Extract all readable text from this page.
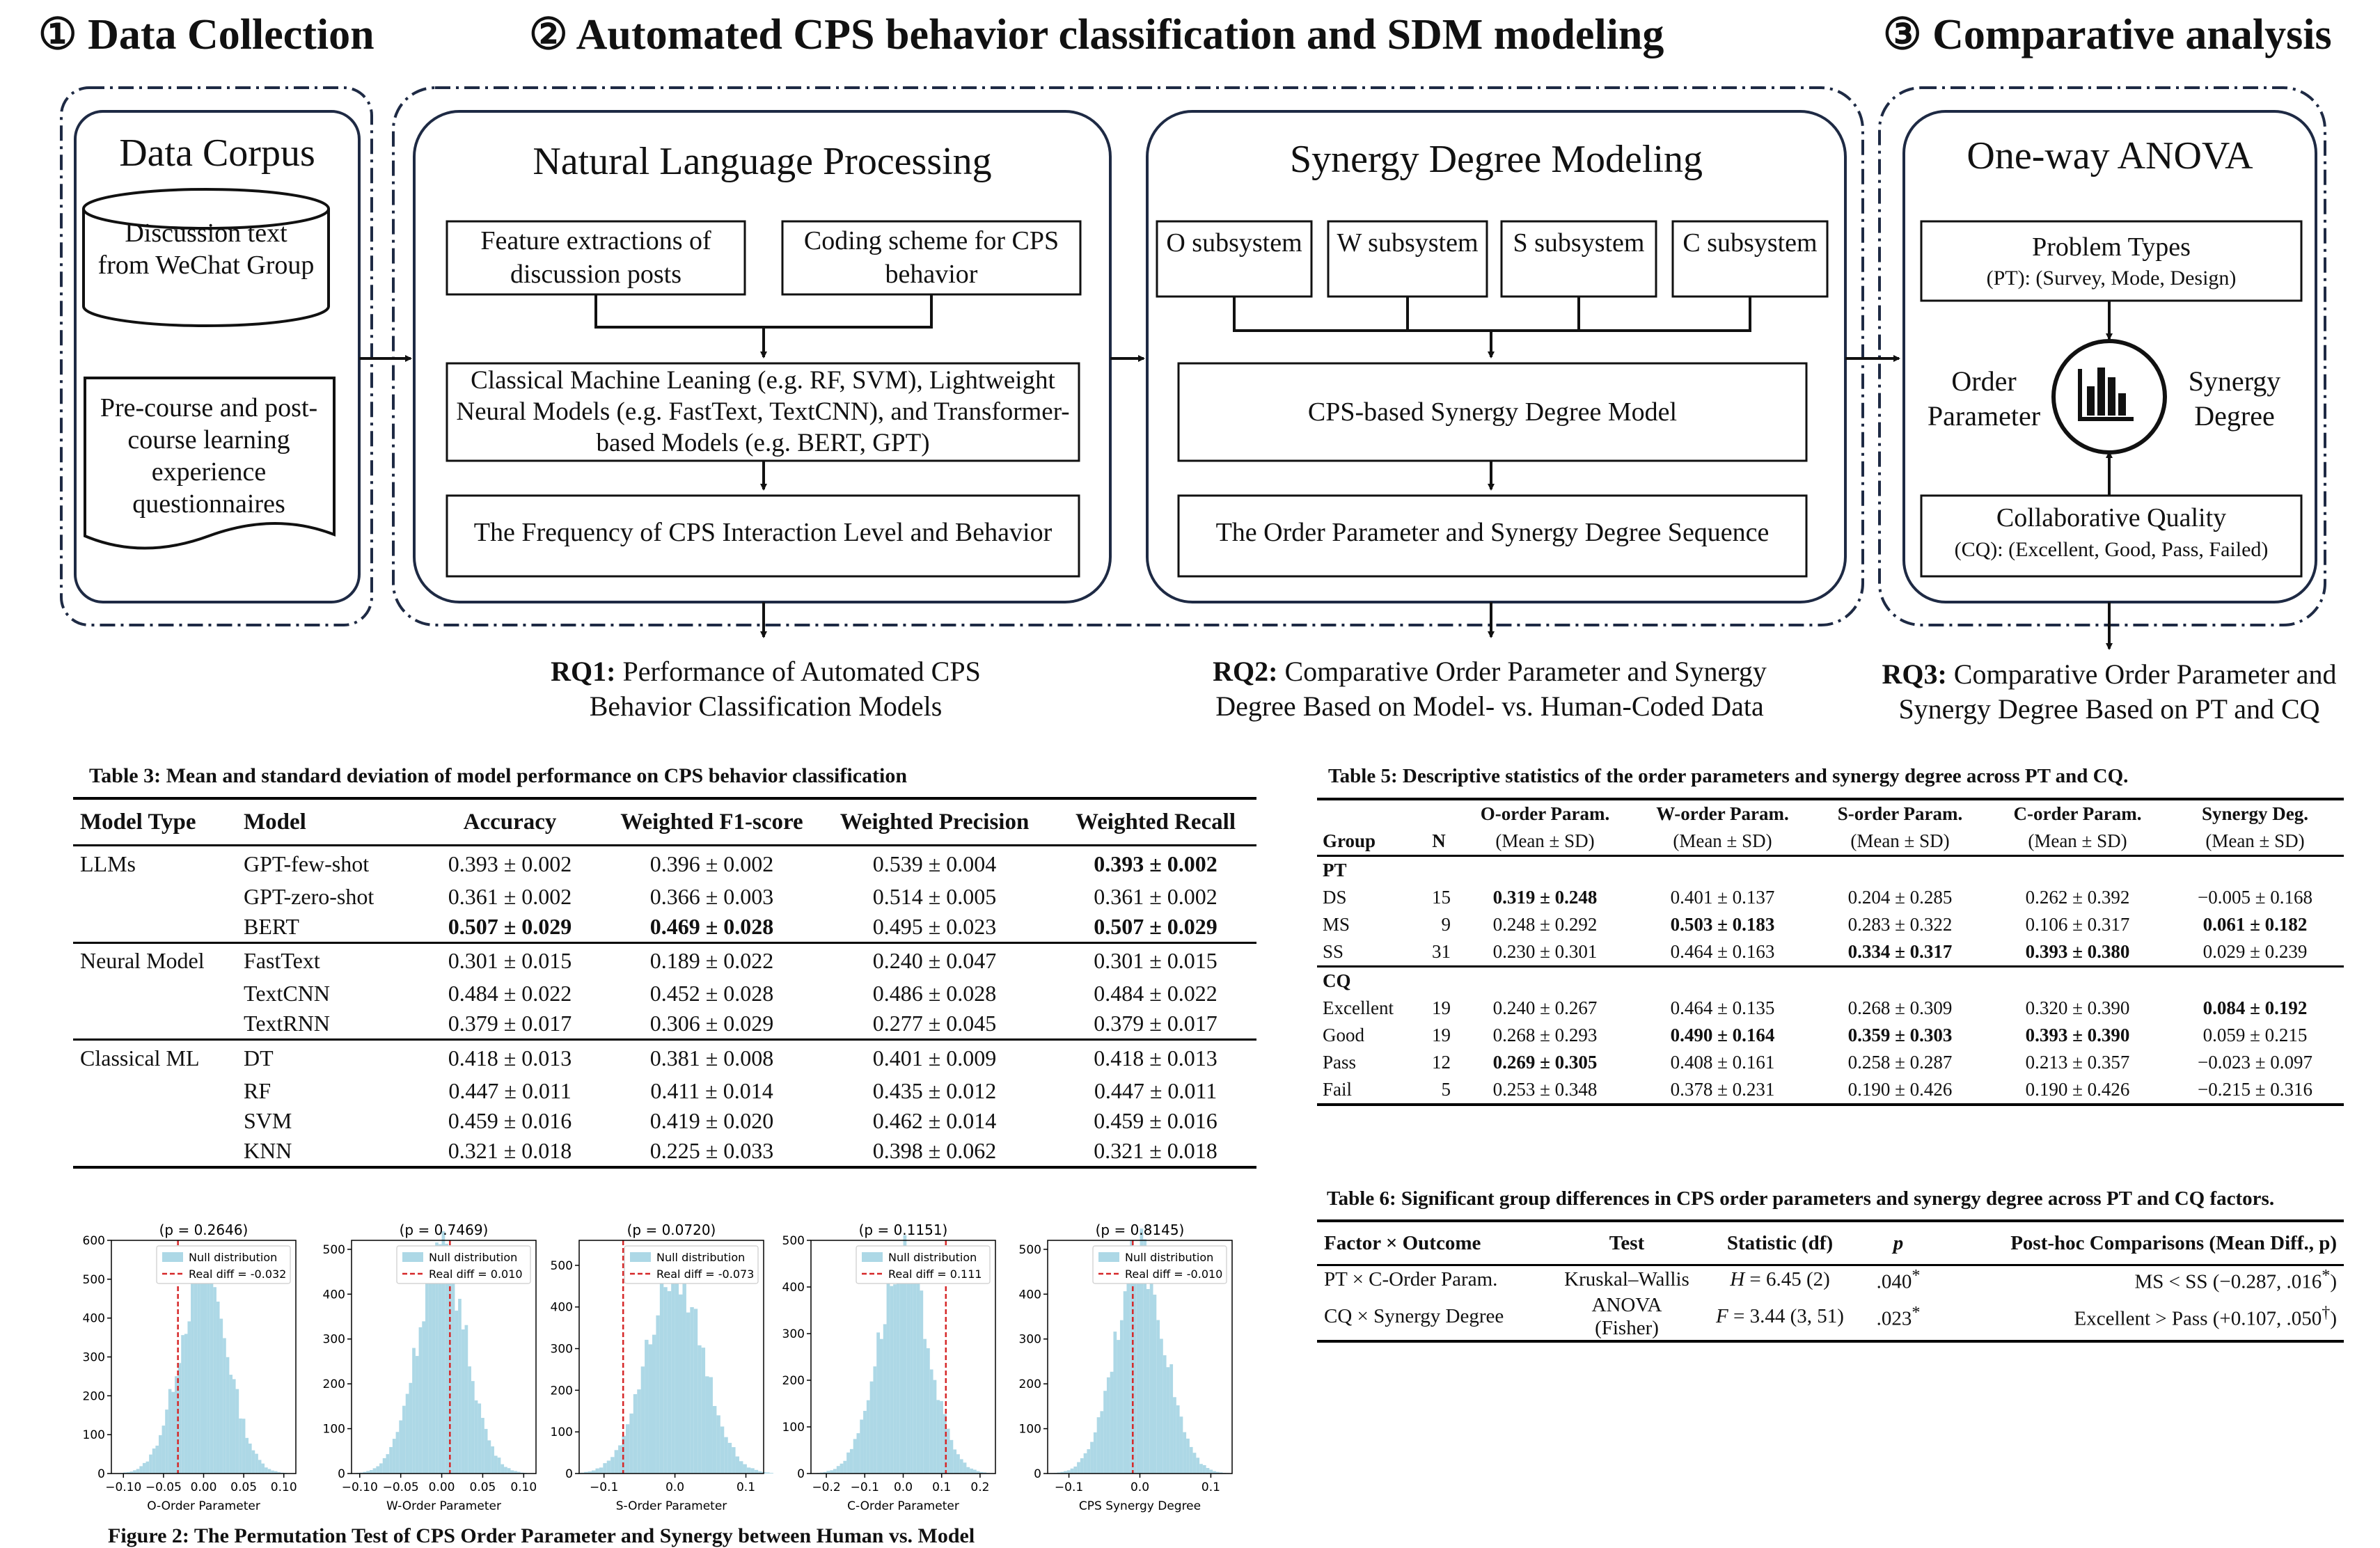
① Data Collection	② Automated CPS behavior classification and SDM modeling	③ Comparative analysis
Data Corpus
Discussion text from WeChat Group
Pre-course and post-course learning experience questionnaires
Natural Language Processing
Feature extractions of discussion posts
Coding scheme for CPS behavior
Classical Machine Leaning (e.g. RF, SVM), Lightweight Neural Models (e.g. FastText, TextCNN), and Transformer-based Models (e.g. BERT, GPT)
The Frequency of CPS Interaction Level and Behavior
Synergy Degree Modeling
O subsystem W subsystem	S subsystem	C subsystem
CPS-based Synergy Degree Model
The Order Parameter and Synergy Degree Sequence
One-way ANOVA
Problem Types
(PT): (Survey, Mode, Design)
Order Parameter
Synergy Degree
Collaborative Quality
(CQ): (Excellent, Good, Pass, Failed)
RQ1: Performance of Automated CPS Behavior Classification Models
RQ2: Comparative Order Parameter and Synergy Degree Based on Model- vs. Human-Coded Data
RQ3: Comparative Order Parameter and Synergy Degree Based on PT and CQ
Table 3: Mean and standard deviation of model performance on CPS behavior classification
Model Type	Model	Accuracy	Weighted F1-score	Weighted Precision	Weighted Recall
LLMs	GPT-few-shot	0.393 ± 0.002	0.396 ± 0.002	0.539 ± 0.004	0.393 ± 0.002
	GPT-zero-shot	0.361 ± 0.002	0.366 ± 0.003	0.514 ± 0.005	0.361 ± 0.002
	BERT	0.507 ± 0.029	0.469 ± 0.028	0.495 ± 0.023	0.507 ± 0.029
Neural Model	FastText	0.301 ± 0.015	0.189 ± 0.022	0.240 ± 0.047	0.301 ± 0.015
	TextCNN	0.484 ± 0.022	0.452 ± 0.028	0.486 ± 0.028	0.484 ± 0.022
	TextRNN	0.379 ± 0.017	0.306 ± 0.029	0.277 ± 0.045	0.379 ± 0.017
Classical ML	DT	0.418 ± 0.013	0.381 ± 0.008	0.401 ± 0.009	0.418 ± 0.013
	RF	0.447 ± 0.011	0.411 ± 0.014	0.435 ± 0.012	0.447 ± 0.011
	SVM	0.459 ± 0.016	0.419 ± 0.020	0.462 ± 0.014	0.459 ± 0.016
	KNN	0.321 ± 0.018	0.225 ± 0.033	0.398 ± 0.062	0.321 ± 0.018
Table 5: Descriptive statistics of the order parameters and synergy degree across PT and CQ.
		O-order Param.	W-order Param.	S-order Param.	C-order Param.	Synergy Deg.
Group	N	(Mean ± SD)	(Mean ± SD)	(Mean ± SD)	(Mean ± SD)	(Mean ± SD)
PT						
DS	15	0.319 ± 0.248	0.401 ± 0.137	0.204 ± 0.285	0.262 ± 0.392	−0.005 ± 0.168
MS	9	0.248 ± 0.292	0.503 ± 0.183	0.283 ± 0.322	0.106 ± 0.317	0.061 ± 0.182
SS	31	0.230 ± 0.301	0.464 ± 0.163	0.334 ± 0.317	0.393 ± 0.380	0.029 ± 0.239
CQ						
Excellent	19	0.240 ± 0.267	0.464 ± 0.135	0.268 ± 0.309	0.320 ± 0.390	0.084 ± 0.192
Good	19	0.268 ± 0.293	0.490 ± 0.164	0.359 ± 0.303	0.393 ± 0.390	0.059 ± 0.215
Pass	12	0.269 ± 0.305	0.408 ± 0.161	0.258 ± 0.287	0.213 ± 0.357	−0.023 ± 0.097
Fail	5	0.253 ± 0.348	0.378 ± 0.231	0.190 ± 0.426	0.190 ± 0.426	−0.215 ± 0.316
Table 6: Significant group differences in CPS order parameters and synergy degree across PT and CQ factors.
Factor × Outcome	Test	Statistic (df)	p	Post-hoc Comparisons (Mean Diff., p)
PT × C-Order Param.	Kruskal–Wallis	H = 6.45 (2)	.040*	MS < SS (−0.287, .016*)
CQ × Synergy Degree	ANOVA (Fisher)	F = 3.44 (3, 51)	.023*	Excellent > Pass (+0.107, .050†)
0
100
200
300
400
500
600
−0.10 −0.05 0.00 0.05 0.10
(p = 0.2646)
O-Order Parameter
Null distribution
Real diff = -0.032
0
100
200
300
400
500
−0.10 −0.05 0.00 0.05 0.10
(p = 0.7469)
W-Order Parameter
Null distribution
Real diff = 0.010
0
100
200
300
400
500
−0.1	0.0	0.1
(p = 0.0720)
S-Order Parameter
Null distribution
Real diff = -0.073
0
100
200
300
400
500
−0.2 −0.1 0.0 0.1 0.2
(p = 0.1151)
C-Order Parameter
Null distribution
Real diff = 0.111
0
100
200
300
400
500
−0.1	0.0	0.1
(p = 0.8145)
CPS Synergy Degree
Null distribution
Real diff = -0.010
Figure 2: The Permutation Test of CPS Order Parameter and Synergy between Human vs. Model
